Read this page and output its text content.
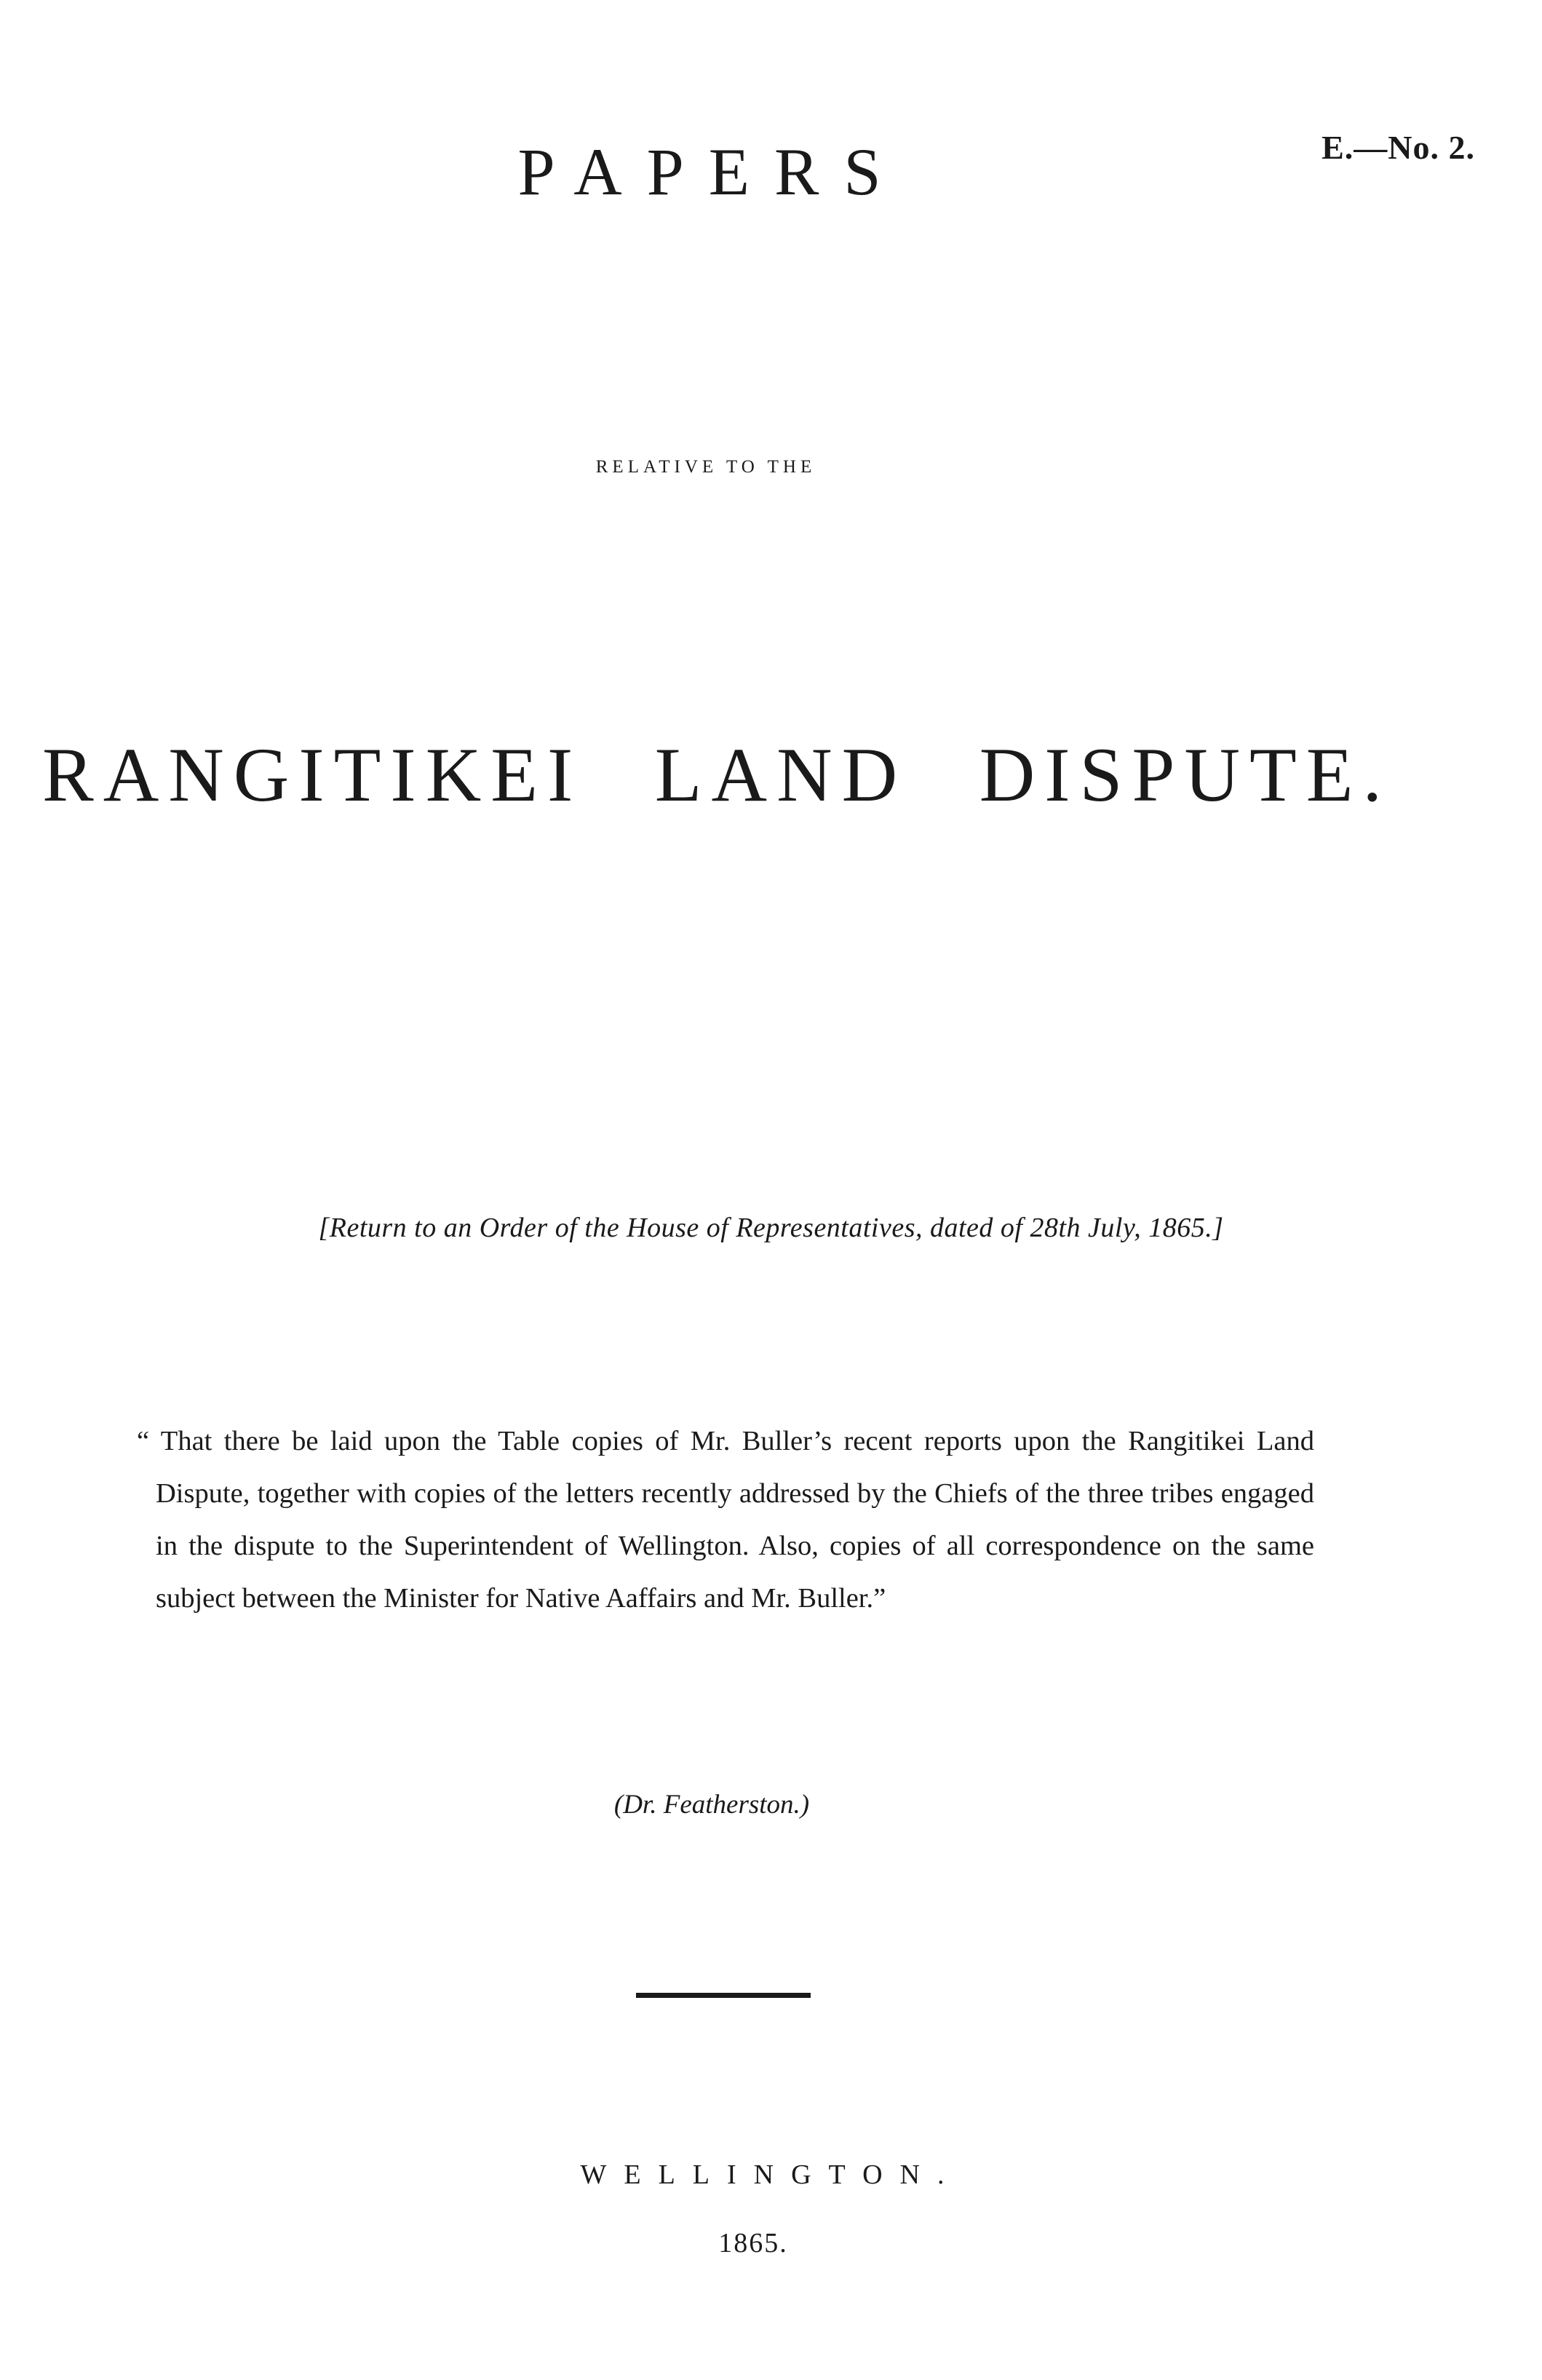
PAPERS	E.—No. 2.
RELATIVE TO THE
RANGITIKEI LAND DISPUTE.
[Return to an Order of the House of Representatives, dated of 28th July, 1865.]
“ That there be laid upon the Table copies of Mr. Buller’s recent reports upon the Rangitikei Land Dispute, together with copies of the letters recently addressed by the Chiefs of the three tribes engaged in the dispute to the Superintendent of Wellington. Also, copies of all correspondence on the same subject between the Minister for Native Aaffairs and Mr. Buller.”
(Dr. Featherston.)
WELLINGTON.
1865.
